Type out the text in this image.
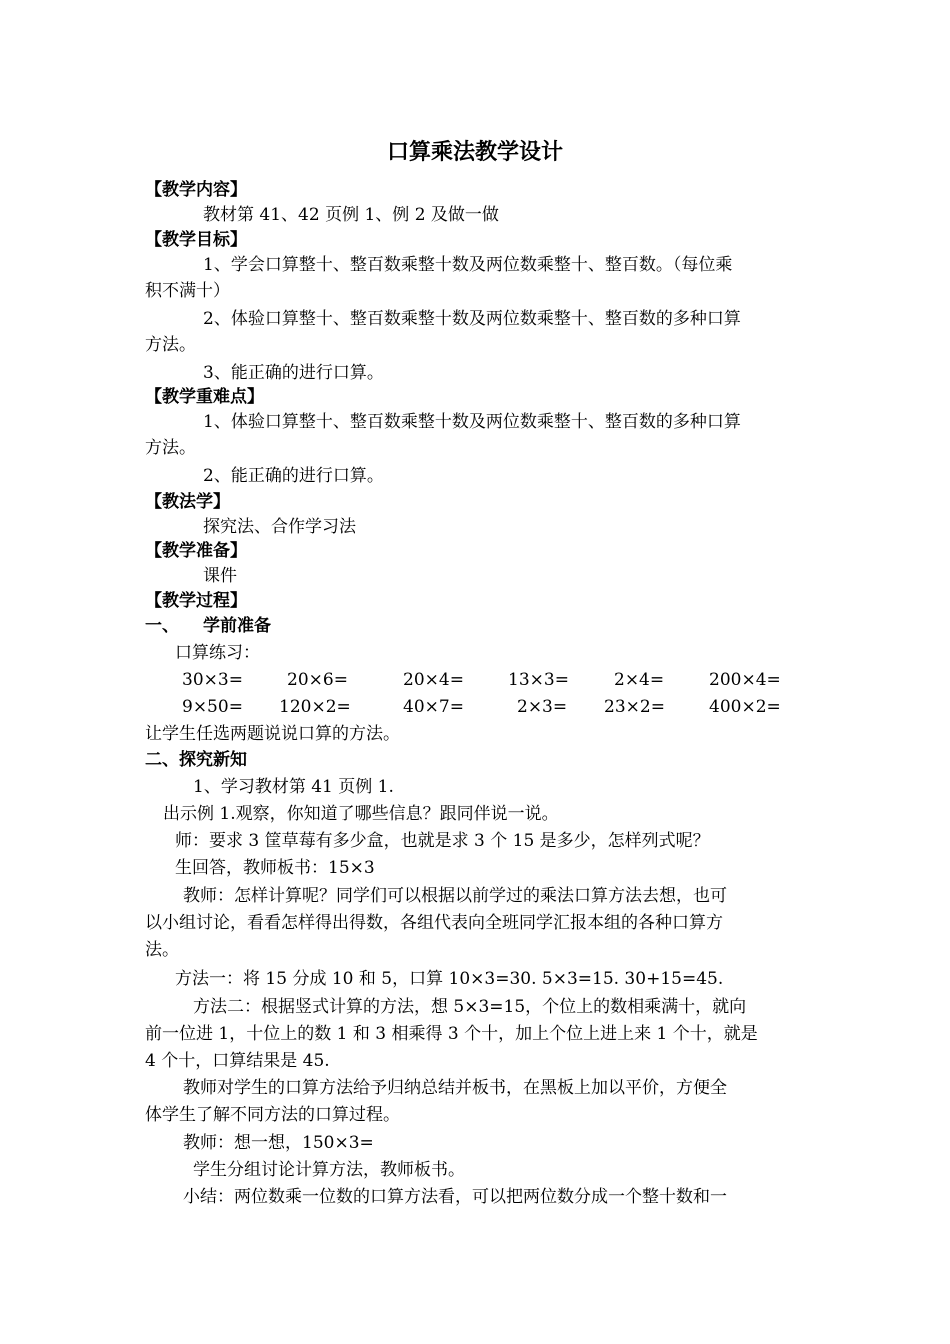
口算乘法教学设计
【教学内容】
教材第 41、42 页例 1、例 2 及做一做
【教学目标】
1、学会口算整十、整百数乘整十数及两位数乘整十、整百数。（每位乘
积不满十）
2、体验口算整十、整百数乘整十数及两位数乘整十、整百数的多种口算
方法。
3、能正确的进行口算。
【教学重难点】
1、体验口算整十、整百数乘整十数及两位数乘整十、整百数的多种口算
方法。
2、能正确的进行口算。
【教法学】
探究法、合作学习法
【教学准备】
课件
【教学过程】
一、 学前准备
口算练习：
30×3=	20×6=	20×4=	13×3=	2×4=	200×4=
9×50= 120×2=	40×7=	2×3= 23×2=	400×2=
让学生任选两题说说口算的方法。
二、探究新知
1、学习教材第 41 页例 1.
出示例 1.观察，你知道了哪些信息？跟同伴说一说。
师：要求 3 筐草莓有多少盒，也就是求 3 个 15 是多少，怎样列式呢？
生回答，教师板书：15×3
教师：怎样计算呢？同学们可以根据以前学过的乘法口算方法去想，也可
以小组讨论，看看怎样得出得数，各组代表向全班同学汇报本组的各种口算方
法。
方法一：将 15 分成 10 和 5，口算 10×3=30. 5×3=15. 30+15=45.
方法二：根据竖式计算的方法，想 5×3=15，个位上的数相乘满十，就向
前一位进 1，十位上的数 1 和 3 相乘得 3 个十，加上个位上进上来 1 个十，就是
4 个十，口算结果是 45.
教师对学生的口算方法给予归纳总结并板书，在黑板上加以平价，方便全
体学生了解不同方法的口算过程。
教师：想一想，150×3=
学生分组讨论计算方法，教师板书。
小结：两位数乘一位数的口算方法看，可以把两位数分成一个整十数和一
